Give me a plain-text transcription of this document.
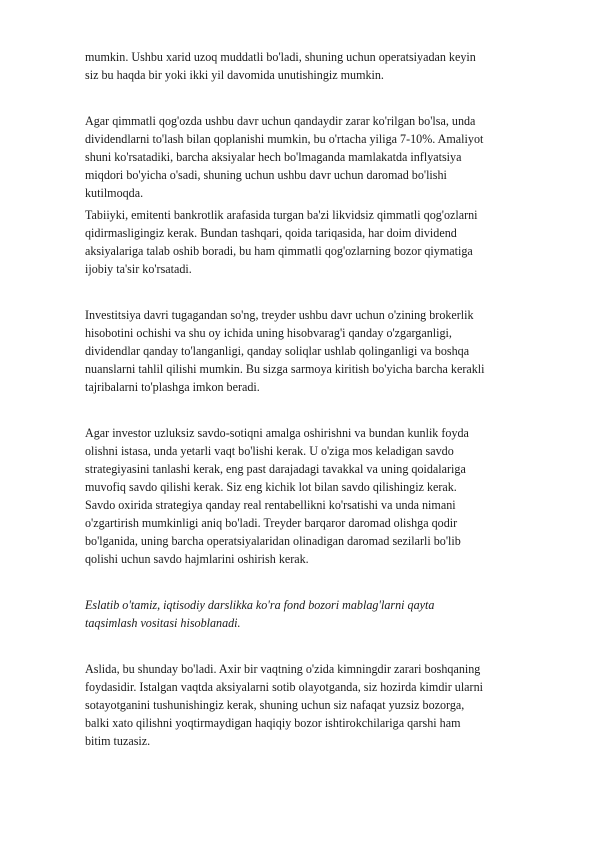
mumkin. Ushbu xarid uzoq muddatli bo'ladi, shuning uchun operatsiyadan keyin
siz bu haqda bir yoki ikki yil davomida unutishingiz mumkin.

Agar qimmatli qog'ozda ushbu davr uchun qandaydir zarar ko'rilgan bo'lsa, unda
dividendlarni to'lash bilan qoplanishi mumkin, bu o'rtacha yiliga 7-10%. Amaliyot
shuni ko'rsatadiki, barcha aksiyalar hech bo'lmaganda mamlakatda inflyatsiya
miqdori bo'yicha o'sadi, shuning uchun ushbu davr uchun daromad bo'lishi
kutilmoqda.

Tabiiyki, emitenti bankrotlik arafasida turgan ba'zi likvidsiz qimmatli qog'ozlarni
qidirmasligingiz kerak. Bundan tashqari, qoida tariqasida, har doim dividend
aksiyalariga talab oshib boradi, bu ham qimmatli qog'ozlarning bozor qiymatiga
ijobiy ta'sir ko'rsatadi.

Investitsiya davri tugagandan so'ng, treyder ushbu davr uchun o'zining brokerlik
hisobotini ochishi va shu oy ichida uning hisobvarag'i qanday o'zgarganligi,
dividendlar qanday to'langanligi, qanday soliqlar ushlab qolinganligi va boshqa
nuanslarni tahlil qilishi mumkin. Bu sizga sarmoya kiritish bo'yicha barcha kerakli
tajribalarni to'plashga imkon beradi.

Agar investor uzluksiz savdo-sotiqni amalga oshirishni va bundan kunlik foyda
olishni istasa, unda yetarli vaqt bo'lishi kerak. U o'ziga mos keladigan savdo
strategiyasini tanlashi kerak, eng past darajadagi tavakkal va uning qoidalariga
muvofiq savdo qilishi kerak. Siz eng kichik lot bilan savdo qilishingiz kerak.
Savdo oxirida strategiya qanday real rentabellikni ko'rsatishi va unda nimani
o'zgartirish mumkinligi aniq bo'ladi. Treyder barqaror daromad olishga qodir
bo'lganida, uning barcha operatsiyalaridan olinadigan daromad sezilarli bo'lib
qolishi uchun savdo hajmlarini oshirish kerak.

Eslatib o'tamiz, iqtisodiy darslikka ko'ra fond bozori mablag'larni qayta
taqsimlash vositasi hisoblanadi.

Aslida, bu shunday bo'ladi. Axir bir vaqtning o'zida kimningdir zarari boshqaning
foydasidir. Istalgan vaqtda aksiyalarni sotib olayotganda, siz hozirda kimdir ularni
sotayotganini tushunishingiz kerak, shuning uchun siz nafaqat yuzsiz bozorga,
balki xato qilishni yoqtirmaydigan haqiqiy bozor ishtirokchilariga qarshi ham
bitim tuzasiz.
